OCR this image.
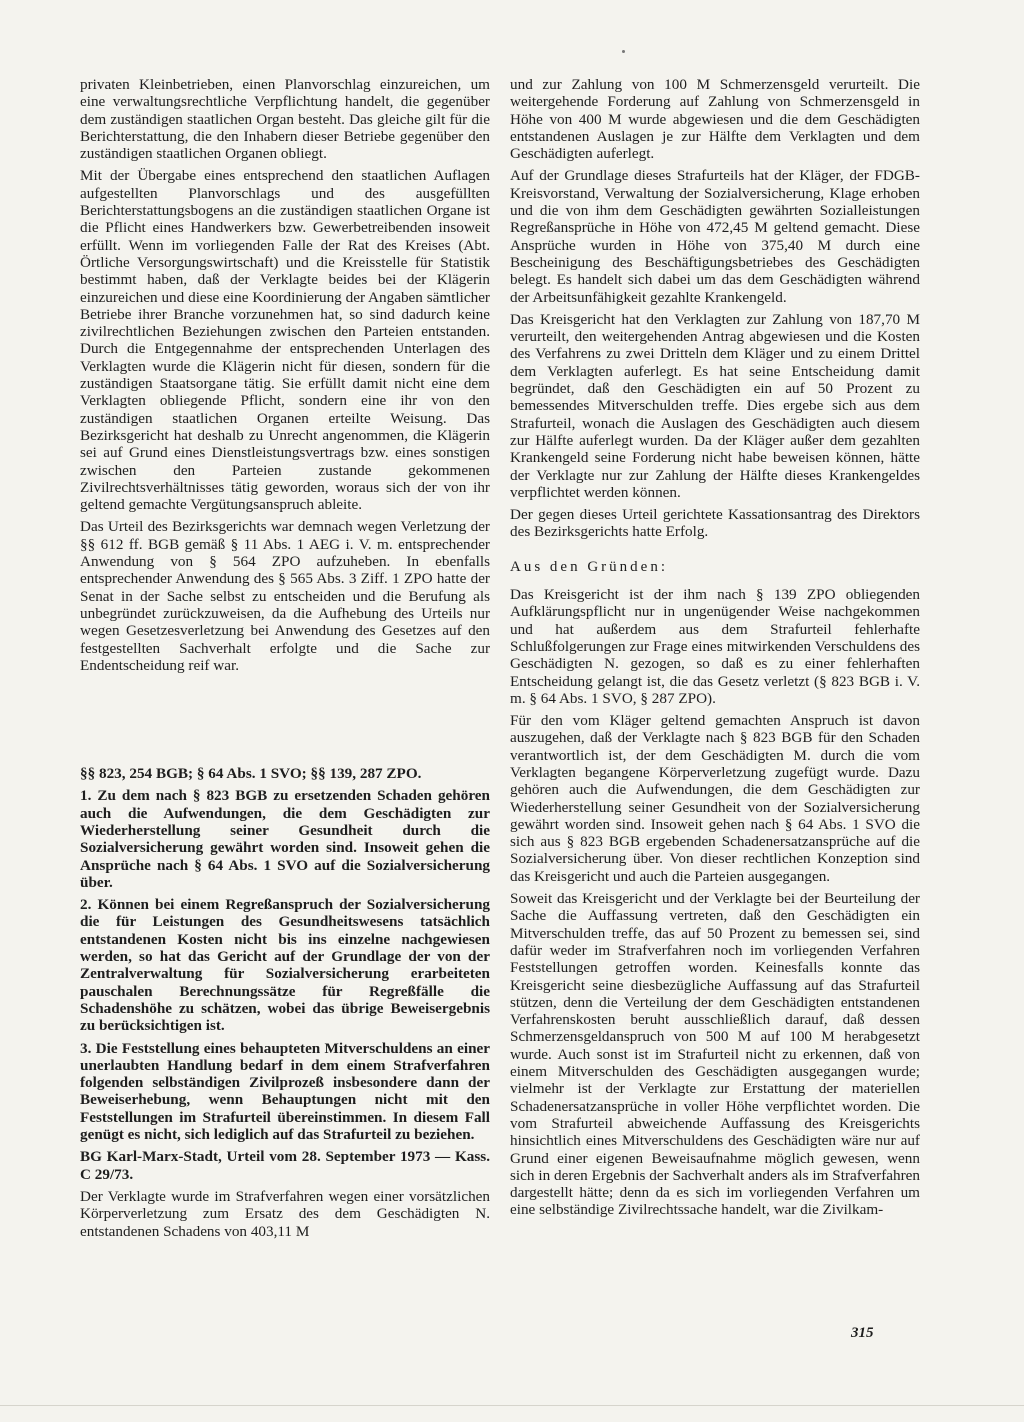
privaten Kleinbetrieben, einen Planvorschlag einzureichen, um eine verwaltungsrechtliche Verpflichtung handelt, die gegenüber dem zuständigen staatlichen Organ besteht. Das gleiche gilt für die Berichterstattung, die den Inhabern dieser Betriebe gegenüber den zuständigen staatlichen Organen obliegt.

Mit der Übergabe eines entsprechend den staatlichen Auflagen aufgestellten Planvorschlags und des ausgefüllten Berichterstattungsbogens an die zuständigen staatlichen Organe ist die Pflicht eines Handwerkers bzw. Gewerbetreibenden insoweit erfüllt. Wenn im vorliegenden Falle der Rat des Kreises (Abt. Örtliche Versorgungswirtschaft) und die Kreisstelle für Statistik bestimmt haben, daß der Verklagte beides bei der Klägerin einzureichen und diese eine Koordinierung der Angaben sämtlicher Betriebe ihrer Branche vorzunehmen hat, so sind dadurch keine zivilrechtlichen Beziehungen zwischen den Parteien entstanden. Durch die Entgegennahme der entsprechenden Unterlagen des Verklagten wurde die Klägerin nicht für diesen, sondern für die zuständigen Staatsorgane tätig. Sie erfüllt damit nicht eine dem Verklagten obliegende Pflicht, sondern eine ihr von den zuständigen staatlichen Organen erteilte Weisung. Das Bezirksgericht hat deshalb zu Unrecht angenommen, die Klägerin sei auf Grund eines Dienstleistungsvertrags bzw. eines sonstigen zwischen den Parteien zustande gekommenen Zivilrechtsverhältnisses tätig geworden, woraus sich der von ihr geltend gemachte Vergütungsanspruch ableite.

Das Urteil des Bezirksgerichts war demnach wegen Verletzung der §§ 612 ff. BGB gemäß § 11 Abs. 1 AEG i. V. m. entsprechender Anwendung von § 564 ZPO aufzuheben. In ebenfalls entsprechender Anwendung des § 565 Abs. 3 Ziff. 1 ZPO hatte der Senat in der Sache selbst zu entscheiden und die Berufung als unbegründet zurückzuweisen, da die Aufhebung des Urteils nur wegen Gesetzesverletzung bei Anwendung des Gesetzes auf den festgestellten Sachverhalt erfolgte und die Sache zur Endentscheidung reif war.

§§ 823, 254 BGB; § 64 Abs. 1 SVO; §§ 139, 287 ZPO.

1. Zu dem nach § 823 BGB zu ersetzenden Schaden gehören auch die Aufwendungen, die dem Geschädigten zur Wiederherstellung seiner Gesundheit durch die Sozialversicherung gewährt worden sind. Insoweit gehen die Ansprüche nach § 64 Abs. 1 SVO auf die Sozialversicherung über.

2. Können bei einem Regreßanspruch der Sozialversicherung die für Leistungen des Gesundheitswesens tatsächlich entstandenen Kosten nicht bis ins einzelne nachgewiesen werden, so hat das Gericht auf der Grundlage der von der Zentralverwaltung für Sozialversicherung erarbeiteten pauschalen Berechnungssätze für Regreßfälle die Schadenshöhe zu schätzen, wobei das übrige Beweisergebnis zu berücksichtigen ist.

3. Die Feststellung eines behaupteten Mitverschuldens an einer unerlaubten Handlung bedarf in dem einem Strafverfahren folgenden selbständigen Zivilprozeß insbesondere dann der Beweiserhebung, wenn Behauptungen nicht mit den Feststellungen im Strafurteil übereinstimmen. In diesem Fall genügt es nicht, sich lediglich auf das Strafurteil zu beziehen.

BG Karl-Marx-Stadt, Urteil vom 28. September 1973 — Kass. C 29/73.

Der Verklagte wurde im Strafverfahren wegen einer vorsätzlichen Körperverletzung zum Ersatz des dem Geschädigten N. entstandenen Schadens von 403,11 M

und zur Zahlung von 100 M Schmerzensgeld verurteilt. Die weitergehende Forderung auf Zahlung von Schmerzensgeld in Höhe von 400 M wurde abgewiesen und die dem Geschädigten entstandenen Auslagen je zur Hälfte dem Verklagten und dem Geschädigten auferlegt.

Auf der Grundlage dieses Strafurteils hat der Kläger, der FDGB-Kreisvorstand, Verwaltung der Sozialversicherung, Klage erhoben und die von ihm dem Geschädigten gewährten Sozialleistungen Regreßansprüche in Höhe von 472,45 M geltend gemacht. Diese Ansprüche wurden in Höhe von 375,40 M durch eine Bescheinigung des Beschäftigungsbetriebes des Geschädigten belegt. Es handelt sich dabei um das dem Geschädigten während der Arbeitsunfähigkeit gezahlte Krankengeld.

Das Kreisgericht hat den Verklagten zur Zahlung von 187,70 M verurteilt, den weitergehenden Antrag abgewiesen und die Kosten des Verfahrens zu zwei Dritteln dem Kläger und zu einem Drittel dem Verklagten auferlegt. Es hat seine Entscheidung damit begründet, daß den Geschädigten ein auf 50 Prozent zu bemessendes Mitverschulden treffe. Dies ergebe sich aus dem Strafurteil, wonach die Auslagen des Geschädigten auch diesem zur Hälfte auferlegt wurden. Da der Kläger außer dem gezahlten Krankengeld seine Forderung nicht habe beweisen können, hätte der Verklagte nur zur Zahlung der Hälfte dieses Krankengeldes verpflichtet werden können.

Der gegen dieses Urteil gerichtete Kassationsantrag des Direktors des Bezirksgerichts hatte Erfolg.

Aus den Gründen:

Das Kreisgericht ist der ihm nach § 139 ZPO obliegenden Aufklärungspflicht nur in ungenügender Weise nachgekommen und hat außerdem aus dem Strafurteil fehlerhafte Schlußfolgerungen zur Frage eines mitwirkenden Verschuldens des Geschädigten N. gezogen, so daß es zu einer fehlerhaften Entscheidung gelangt ist, die das Gesetz verletzt (§ 823 BGB i. V. m. § 64 Abs. 1 SVO, § 287 ZPO).

Für den vom Kläger geltend gemachten Anspruch ist davon auszugehen, daß der Verklagte nach § 823 BGB für den Schaden verantwortlich ist, der dem Geschädigten M. durch die vom Verklagten begangene Körperverletzung zugefügt wurde. Dazu gehören auch die Aufwendungen, die dem Geschädigten zur Wiederherstellung seiner Gesundheit von der Sozialversicherung gewährt worden sind. Insoweit gehen nach § 64 Abs. 1 SVO die sich aus § 823 BGB ergebenden Schadenersatzansprüche auf die Sozialversicherung über. Von dieser rechtlichen Konzeption sind das Kreisgericht und auch die Parteien ausgegangen.

Soweit das Kreisgericht und der Verklagte bei der Beurteilung der Sache die Auffassung vertreten, daß den Geschädigten ein Mitverschulden treffe, das auf 50 Prozent zu bemessen sei, sind dafür weder im Strafverfahren noch im vorliegenden Verfahren Feststellungen getroffen worden. Keinesfalls konnte das Kreisgericht seine diesbezügliche Auffassung auf das Strafurteil stützen, denn die Verteilung der dem Geschädigten entstandenen Verfahrenskosten beruht ausschließlich darauf, daß dessen Schmerzensgeldanspruch von 500 M auf 100 M herabgesetzt wurde. Auch sonst ist im Strafurteil nicht zu erkennen, daß von einem Mitverschulden des Geschädigten ausgegangen wurde; vielmehr ist der Verklagte zur Erstattung der materiellen Schadenersatzansprüche in voller Höhe verpflichtet worden. Die vom Strafurteil abweichende Auffassung des Kreisgerichts hinsichtlich eines Mitverschuldens des Geschädigten wäre nur auf Grund einer eigenen Beweisaufnahme möglich gewesen, wenn sich in deren Ergebnis der Sachverhalt anders als im Strafverfahren dargestellt hätte; denn da es sich im vorliegenden Verfahren um eine selbständige Zivilrechtssache handelt, war die Zivilkam-

315
